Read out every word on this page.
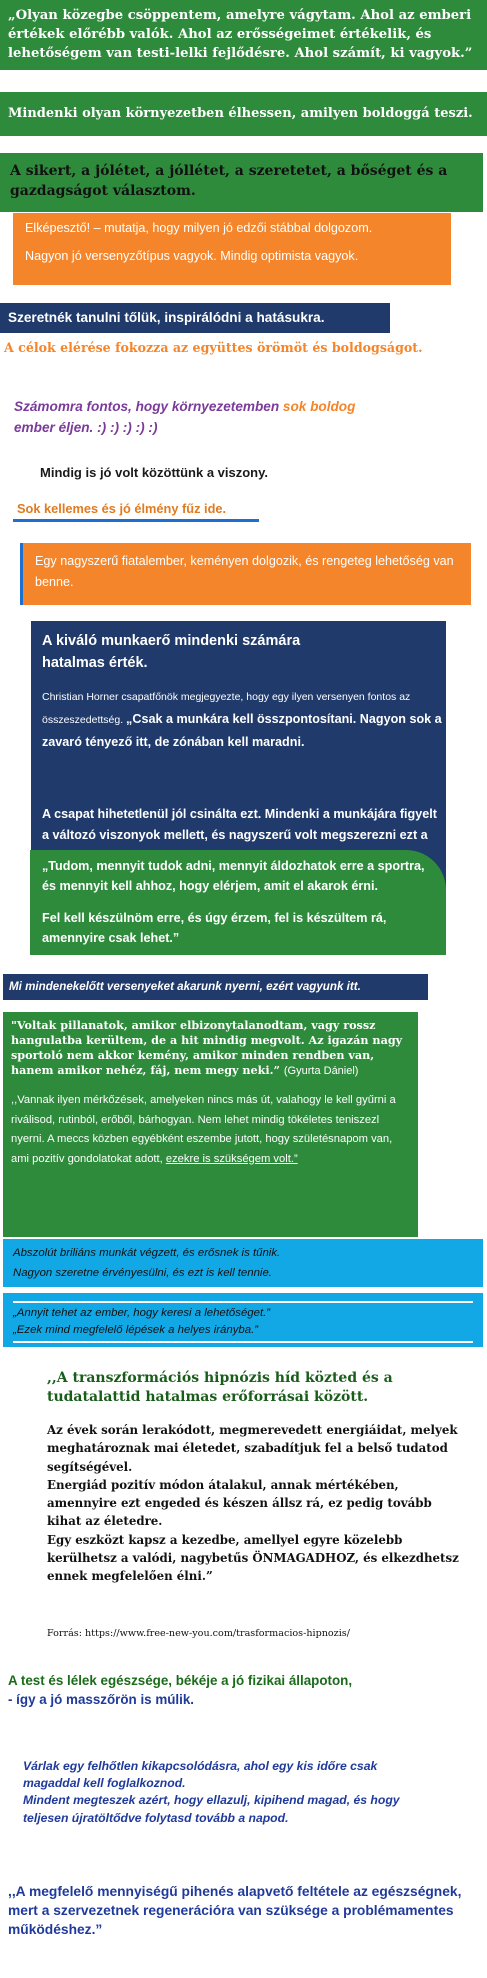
„Olyan közegbe csöppentem, amelyre vágytam. Ahol az emberi értékek előrébb valók. Ahol az erősségeimet értékelik, és lehetőségem van testi-lelki fejlődésre. Ahol számít, ki vagyok.”

Mindenki olyan környezetben élhessen, amilyen boldoggá teszi.

A sikert, a jólétet, a jóllétet, a szeretetet, a bőséget és a gazdagságot választom.

Elképesztő! – mutatja, hogy milyen jó edzői stábbal dolgozom.

Nagyon jó versenyzőtípus vagyok. Mindig optimista vagyok.

Szeretnék tanulni tőlük, inspirálódni a hatásukra.

A célok elérése fokozza az együttes örömöt és boldogságot.

Számomra fontos, hogy környezetemben sok boldog
ember éljen. :) :) :) :) :)

Mindig is jó volt közöttünk a viszony.

Sok kellemes és jó élmény fűz ide.

Egy nagyszerű fiatalember, keményen dolgozik, és rengeteg lehetőség van benne.

A kiváló munkaerő mindenki számára hatalmas érték.

Christian Horner csapatfőnök megjegyezte, hogy egy ilyen versenyen fontos az összeszedettség. „Csak a munkára kell összpontosítani. Nagyon sok a zavaró tényező itt, de zónában kell maradni.

A csapat hihetetlenül jól csinálta ezt. Mindenki a munkájára figyelt a változó viszonyok mellett, és nagyszerű volt megszerezni ezt a

„Tudom, mennyit tudok adni, mennyit áldozhatok erre a sportra, és mennyit kell ahhoz, hogy elérjem, amit el akarok érni.

Fel kell készülnöm erre, és úgy érzem, fel is készültem rá, amennyire csak lehet.”

Mi mindenekelőtt versenyeket akarunk nyerni, ezért vagyunk itt.

"Voltak pillanatok, amikor elbizonytalanodtam, vagy rossz hangulatba kerültem, de a hit mindig megvolt. Az igazán nagy sportoló nem akkor kemény, amikor minden rendben van, hanem amikor nehéz, fáj, nem megy neki.” (Gyurta Dániel)

,,Vannak ilyen mérkőzések, amelyeken nincs más út, valahogy le kell gyűrni a riválisod, rutinból, erőből, bárhogyan. Nem lehet mindig tökéletes teniszezl nyerni. A meccs közben egyébként eszembe jutott, hogy születésnapom van, ami pozitív gondolatokat adott, ezekre is szükségem volt.”

Abszolút briliáns munkát végzett, és erősnek is tűnik.

Nagyon szeretne érvényesülni, és ezt is kell tennie.

„Annyit tehet az ember, hogy keresi a lehetőséget.”

„Ezek mind megfelelő lépések a helyes irányba.”

,,A transzformációs hipnózis híd közted és a tudatalattid hatalmas erőforrásai között.

Az évek során lerakódott, megmerevedett energiáidat, melyek meghatároznak mai életedet, szabadítjuk fel a belső tudatod segítségével.

Energiád pozitív módon átalakul, annak mértékében, amennyire ezt engeded és készen állsz rá, ez pedig tovább kihat az életedre.

Egy eszközt kapsz a kezedbe, amellyel egyre közelebb kerülhetsz a valódi, nagybetűs ÖNMAGADHOZ, és elkezdhetsz ennek megfelelően élni.”

Forrás: https://www.free-new-you.com/trasformacios-hipnozis/

A test és lélek egészsége, békéje a jó fizikai állapoton,

- így a jó masszőrön is múlik.

Várlak egy felhőtlen kikapcsolódásra, ahol egy kis időre csak magaddal kell foglalkoznod.

Mindent megteszek azért, hogy ellazulj, kipihend magad, és hogy teljesen újratöltődve folytasd tovább a napod.

,,A megfelelő mennyiségű pihenés alapvető feltétele az egészségnek,

mert a szervezetnek regenerációra van szüksége a problémamentes működéshez.”
